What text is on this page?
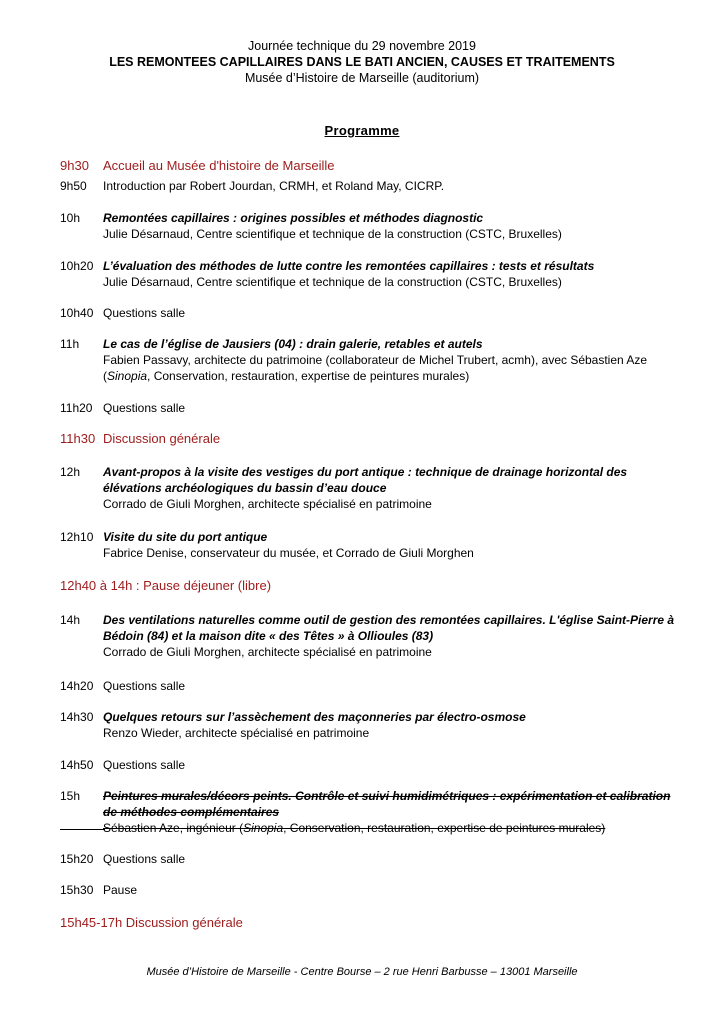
Journée technique du 29 novembre 2019
LES REMONTEES CAPILLAIRES DANS LE BATI ANCIEN, CAUSES ET TRAITEMENTS
Musée d’Histoire de Marseille (auditorium)
Programme
9h30 Accueil au Musée d'histoire de Marseille
9h50 Introduction par Robert Jourdan, CRMH, et Roland May, CICRP.
10h Remontées capillaires : origines possibles et méthodes diagnostic
Julie Désarnaud, Centre scientifique et technique de la construction (CSTC, Bruxelles)
10h20 L’évaluation des méthodes de lutte contre les remontées capillaires : tests et résultats
Julie Désarnaud, Centre scientifique et technique de la construction (CSTC, Bruxelles)
10h40 Questions salle
11h Le cas de l’église de Jausiers (04) : drain galerie, retables et autels
Fabien Passavy, architecte du patrimoine (collaborateur de Michel Trubert, acmh), avec Sébastien Aze
(Sinopia, Conservation, restauration, expertise de peintures murales)
11h20 Questions salle
11h30 Discussion générale
12h Avant-propos à la visite des vestiges du port antique : technique de drainage horizontal des élévations archéologiques du bassin d’eau douce
Corrado de Giuli Morghen, architecte spécialisé en patrimoine
12h10 Visite du site du port antique
Fabrice Denise, conservateur du musée, et Corrado de Giuli Morghen
12h40 à 14h : Pause déjeuner (libre)
14h Des ventilations naturelles comme outil de gestion des remontées capillaires. L'église Saint-Pierre à Bédoin (84) et la maison dite « des Têtes » à Ollioules (83)
Corrado de Giuli Morghen, architecte spécialisé en patrimoine
14h20 Questions salle
14h30 Quelques retours sur l’assèchement des maçonneries par électro-osmose
Renzo Wieder, architecte spécialisé en patrimoine
14h50 Questions salle
15h Peintures murales/décors peints. Contrôle et suivi humidimétriques : expérimentation et calibration de méthodes complémentaires
Sébastien Aze, ingénieur (Sinopia, Conservation, restauration, expertise de peintures murales)
15h20 Questions salle
15h30 Pause
15h45-17h Discussion générale
Musée d’Histoire de Marseille - Centre Bourse – 2 rue Henri Barbusse – 13001 Marseille
